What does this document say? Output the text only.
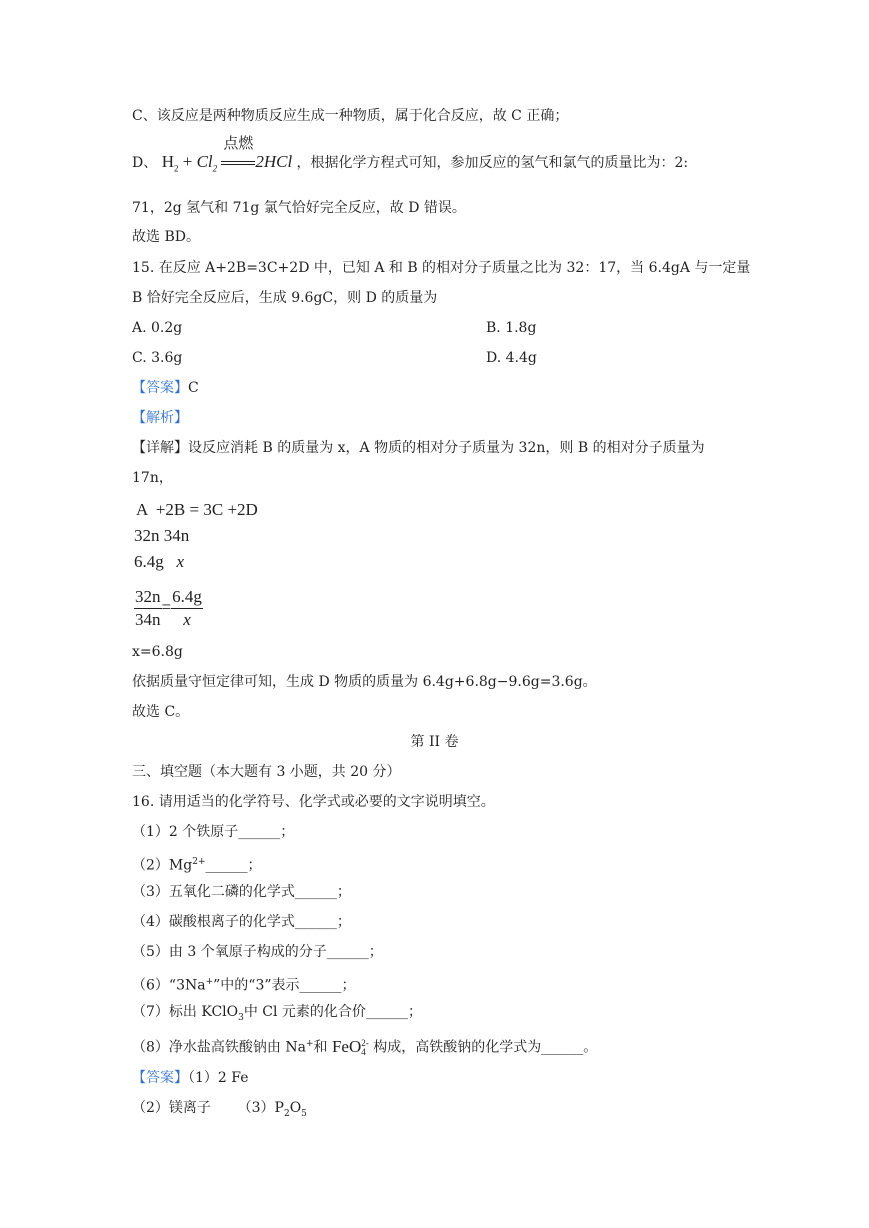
C、该反应是两种物质反应生成一种物质，属于化合反应，故 C 正确；
D、 $H_2 + Cl_2$
点燃
2HCl ，根据化学方程式可知，参加反应的氢气和氯气的质量比为：2:
71，2g 氢气和 71g 氯气恰好完全反应，故 D 错误。
故选 BD。
15. 在反应 A+2B=3C+2D 中，已知 A 和 B 的相对分子质量之比为 32：17，当 6.4gA 与一定量
B 恰好完全反应后，生成 9.6gC，则 D 的质量为
A. 0.2g	B. 1.8g
C. 3.6g	D. 4.4g
【答案】C
【解析】
【详解】设反应消耗 B 的质量为 x，A 物质的相对分子质量为 32n，则 B 的相对分子质量为
17n，
A  +2B = 3C +2D
32n 34n
6.4g x
$\frac{32n}{34n} = \frac{6.4g}{x}$
x=6.8g
依据质量守恒定律可知，生成 D 物质的质量为 6.4g+6.8g−9.6g=3.6g。
故选 C。
第 II 卷
三、填空题（本大题有 3 小题，共 20 分）
16. 请用适当的化学符号、化学式或必要的文字说明填空。
（1）2 个铁原子______；
$(2)Mg^{2+}\_\_\_\_\_\_$；
（3）五氧化二磷的化学式______；
（4）碳酸根离子的化学式______；
（5）由 3 个氧原子构成的分子______；
（6）“3Na+”中的“3”表示______；
（7）标出 KClO$_3$中 Cl 元素的化合价______；
（8）净水盐高铁酸钠由 Na+和 FeO 2-
4 构成，高铁酸钠的化学式为______。
【答案】（1）2 Fe
（2）镁离子 $(3)P_2O_5$
